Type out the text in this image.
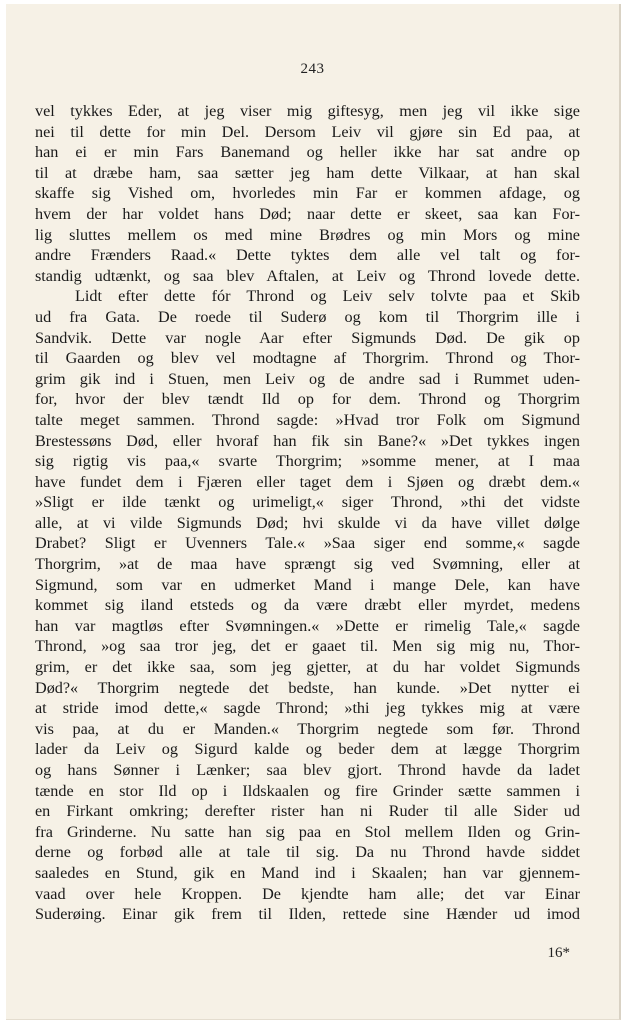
243
vel tykkes Eder, at jeg viser mig giftesyg, men jeg vil ikke sige
nei til dette for min Del. Dersom Leiv vil gjøre sin Ed paa, at
han ei er min Fars Banemand og heller ikke har sat andre op
til at dræbe ham, saa sætter jeg ham dette Vilkaar, at han skal
skaffe sig Vished om, hvorledes min Far er kommen afdage, og
hvem der har voldet hans Død; naar dette er skeet, saa kan For-
lig sluttes mellem os med mine Brødres og min Mors og mine
andre Frænders Raad.« Dette tyktes dem alle vel talt og for-
standig udtænkt, og saa blev Aftalen, at Leiv og Thrond lovede dette.
Lidt efter dette fór Thrond og Leiv selv tolvte paa et Skib
ud fra Gata. De roede til Suderø og kom til Thorgrim ille i
Sandvik. Dette var nogle Aar efter Sigmunds Død. De gik op
til Gaarden og blev vel modtagne af Thorgrim. Thrond og Thor-
grim gik ind i Stuen, men Leiv og de andre sad i Rummet uden-
for, hvor der blev tændt Ild op for dem. Thrond og Thorgrim
talte meget sammen. Thrond sagde: »Hvad tror Folk om Sigmund
Brestessøns Død, eller hvoraf han fik sin Bane?« »Det tykkes ingen
sig rigtig vis paa,« svarte Thorgrim; »somme mener, at I maa
have fundet dem i Fjæren eller taget dem i Sjøen og dræbt dem.«
»Sligt er ilde tænkt og urimeligt,« siger Thrond, »thi det vidste
alle, at vi vilde Sigmunds Død; hvi skulde vi da have villet dølge
Drabet? Sligt er Uvenners Tale.« »Saa siger end somme,« sagde
Thorgrim, »at de maa have sprængt sig ved Svømning, eller at
Sigmund, som var en udmerket Mand i mange Dele, kan have
kommet sig iland etsteds og da være dræbt eller myrdet, medens
han var magtløs efter Svømningen.« »Dette er rimelig Tale,« sagde
Thrond, »og saa tror jeg, det er gaaet til. Men sig mig nu, Thor-
grim, er det ikke saa, som jeg gjetter, at du har voldet Sigmunds
Død?« Thorgrim negtede det bedste, han kunde. »Det nytter ei
at stride imod dette,« sagde Thrond; »thi jeg tykkes mig at være
vis paa, at du er Manden.« Thorgrim negtede som før. Thrond
lader da Leiv og Sigurd kalde og beder dem at lægge Thorgrim
og hans Sønner i Lænker; saa blev gjort. Thrond havde da ladet
tænde en stor Ild op i Ildskaalen og fire Grinder sætte sammen i
en Firkant omkring; derefter rister han ni Ruder til alle Sider ud
fra Grinderne. Nu satte han sig paa en Stol mellem Ilden og Grin-
derne og forbød alle at tale til sig. Da nu Thrond havde siddet
saaledes en Stund, gik en Mand ind i Skaalen; han var gjennem-
vaad over hele Kroppen. De kjendte ham alle; det var Einar
Suderøing. Einar gik frem til Ilden, rettede sine Hænder ud imod
16*
